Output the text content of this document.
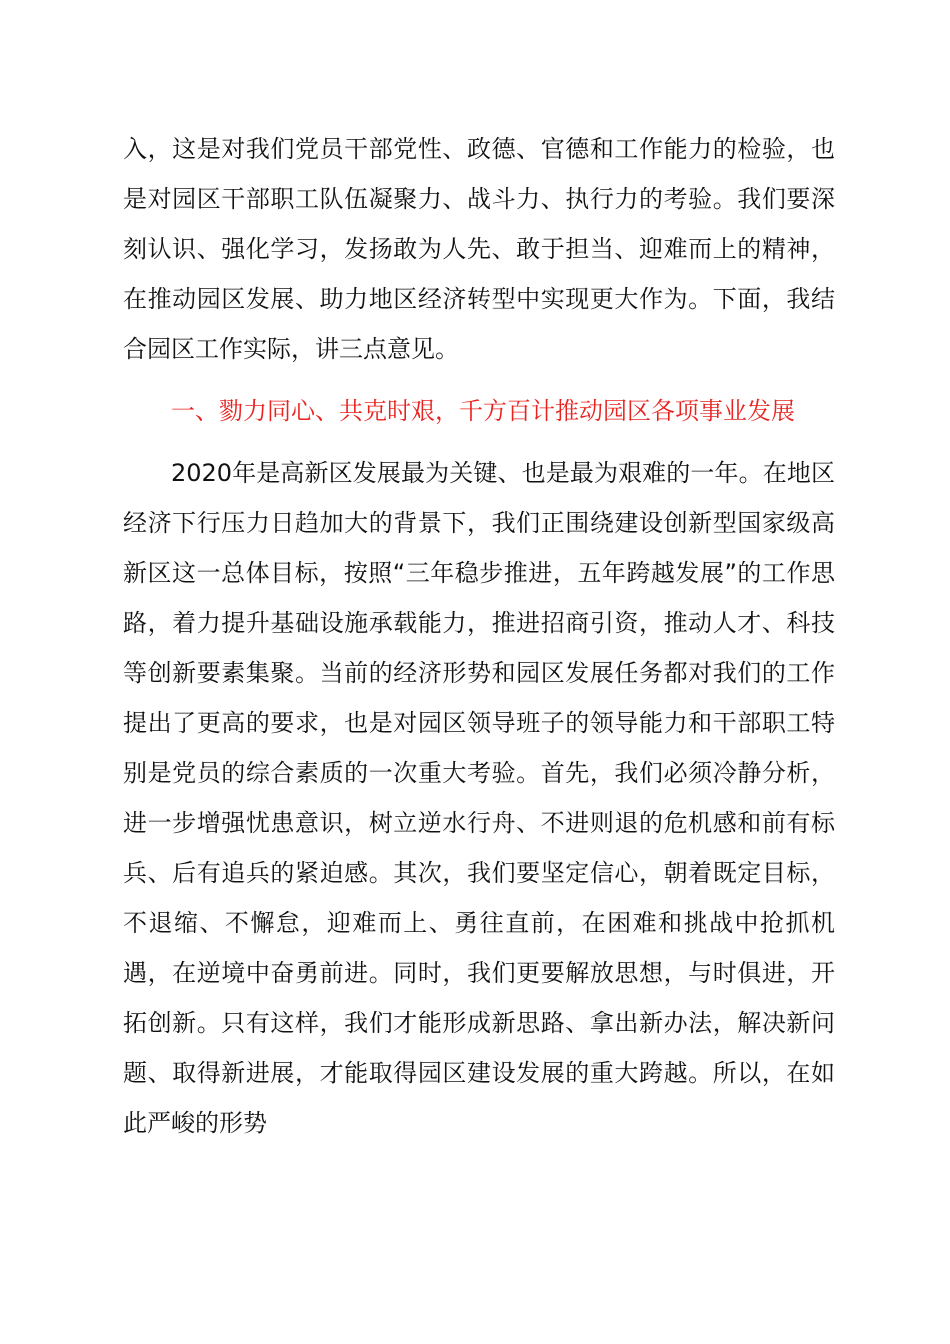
入，这是对我们党员干部党性、政德、官德和工作能力的检验，也是对园区干部职工队伍凝聚力、战斗力、执行力的考验。我们要深刻认识、强化学习，发扬敢为人先、敢于担当、迎难而上的精神，在推动园区发展、助力地区经济转型中实现更大作为。下面，我结合园区工作实际，讲三点意见。

一、勠力同心、共克时艰，千方百计推动园区各项事业发展

2020年是高新区发展最为关键、也是最为艰难的一年。在地区经济下行压力日趋加大的背景下，我们正围绕建设创新型国家级高新区这一总体目标，按照“三年稳步推进，五年跨越发展”的工作思路，着力提升基础设施承载能力，推进招商引资，推动人才、科技等创新要素集聚。当前的经济形势和园区发展任务都对我们的工作提出了更高的要求，也是对园区领导班子的领导能力和干部职工特别是党员的综合素质的一次重大考验。首先，我们必须冷静分析，进一步增强忧患意识，树立逆水行舟、不进则退的危机感和前有标兵、后有追兵的紧迫感。其次，我们要坚定信心，朝着既定目标，不退缩、不懈怠，迎难而上、勇往直前，在困难和挑战中抢抓机遇，在逆境中奋勇前进。同时，我们更要解放思想，与时俱进，开拓创新。只有这样，我们才能形成新思路、拿出新办法，解决新问题、取得新进展，才能取得园区建设发展的重大跨越。所以，在如此严峻的形势
